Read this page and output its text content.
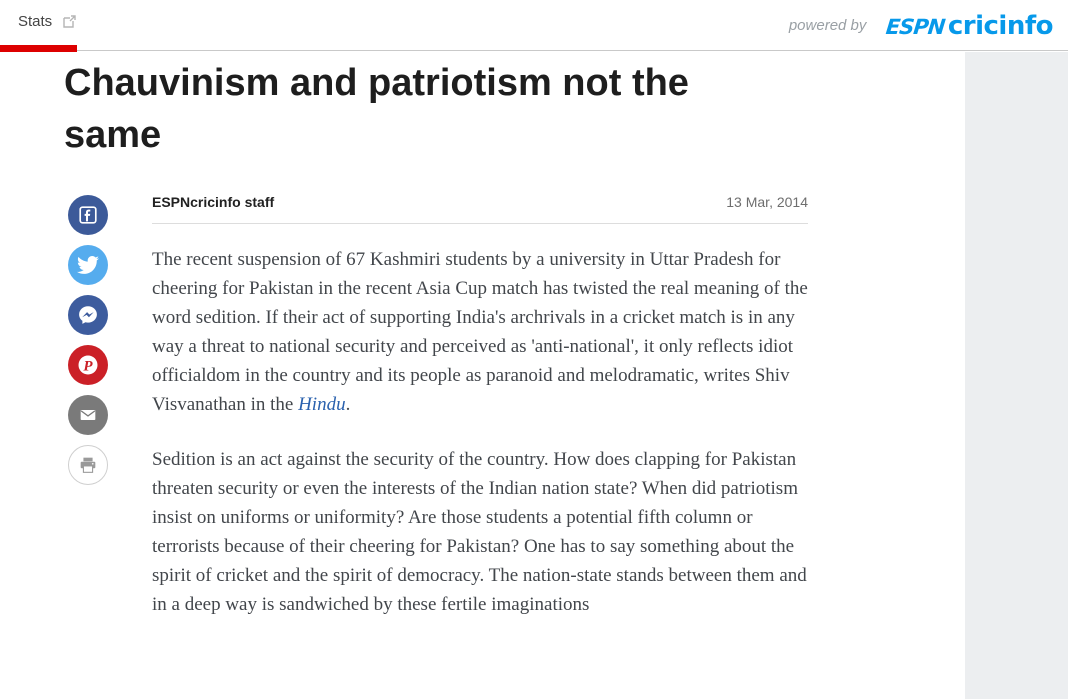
Stats	powered by ESPN cricinfo
Chauvinism and patriotism not the same
P
ESPNcricinfo staff	13 Mar, 2014

The recent suspension of 67 Kashmiri students by a university in Uttar Pradesh for cheering for Pakistan in the recent Asia Cup match has twisted the real meaning of the word sedition. If their act of supporting India's archrivals in a cricket match is in any way a threat to national security and perceived as 'anti-national', it only reflects idiot officialdom in the country and its people as paranoid and melodramatic, writes Shiv Visvanathan in the Hindu.

Sedition is an act against the security of the country. How does clapping for Pakistan threaten security or even the interests of the Indian nation state? When did patriotism insist on uniforms or uniformity? Are those students a potential fifth column or terrorists because of their cheering for Pakistan? One has to say something about the spirit of cricket and the spirit of democracy. The nation-state stands between them and in a deep way is sandwiched by these fertile imaginations
